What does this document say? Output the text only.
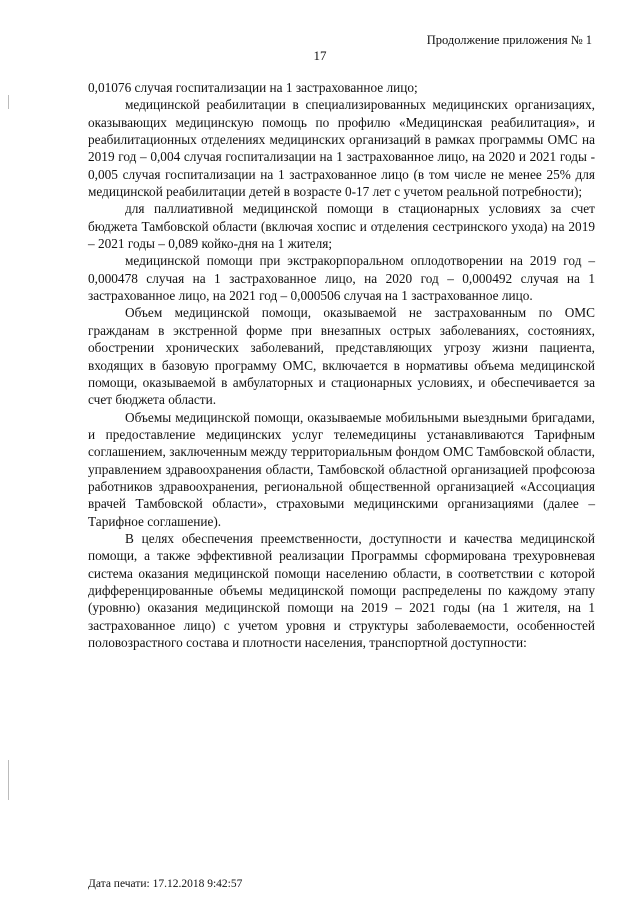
Продолжение приложения № 1
17

0,01076 случая госпитализации на 1 застрахованное лицо;

медицинской реабилитации в специализированных медицинских организациях, оказывающих медицинскую помощь по профилю «Медицинская реабилитация», и реабилитационных отделениях медицинских организаций в рамках программы ОМС на 2019 год – 0,004 случая госпитализации на 1 застрахованное лицо, на 2020 и 2021 годы - 0,005 случая госпитализации на 1 застрахованное лицо (в том числе не менее 25% для медицинской реабилитации детей в возрасте 0-17 лет с учетом реальной потребности);

для паллиативной медицинской помощи в стационарных условиях за счет бюджета Тамбовской области (включая хоспис и отделения сестринского ухода) на 2019 – 2021 годы – 0,089 койко-дня на 1 жителя;

медицинской помощи при экстракорпоральном оплодотворении на 2019 год – 0,000478 случая на 1 застрахованное лицо, на 2020 год – 0,000492 случая на 1 застрахованное лицо, на 2021 год – 0,000506 случая на 1 застрахованное лицо.

Объем медицинской помощи, оказываемой не застрахованным по ОМС гражданам в экстренной форме при внезапных острых заболеваниях, состояниях, обострении хронических заболеваний, представляющих угрозу жизни пациента, входящих в базовую программу ОМС, включается в нормативы объема медицинской помощи, оказываемой в амбулаторных и стационарных условиях, и обеспечивается за счет бюджета области.

Объемы медицинской помощи, оказываемые мобильными выездными бригадами, и предоставление медицинских услуг телемедицины устанавливаются Тарифным соглашением, заключенным между территориальным фондом ОМС Тамбовской области, управлением здравоохранения области, Тамбовской областной организацией профсоюза работников здравоохранения, региональной общественной организацией «Ассоциация врачей Тамбовской области», страховыми медицинскими организациями (далее – Тарифное соглашение).

В целях обеспечения преемственности, доступности и качества медицинской помощи, а также эффективной реализации Программы сформирована трехуровневая система оказания медицинской помощи населению области, в соответствии с которой дифференцированные объемы медицинской помощи распределены по каждому этапу (уровню) оказания медицинской помощи на 2019 – 2021 годы (на 1 жителя, на 1 застрахованное лицо) с учетом уровня и структуры заболеваемости, особенностей половозрастного состава и плотности населения, транспортной доступности:

Дата печати: 17.12.2018 9:42:57
